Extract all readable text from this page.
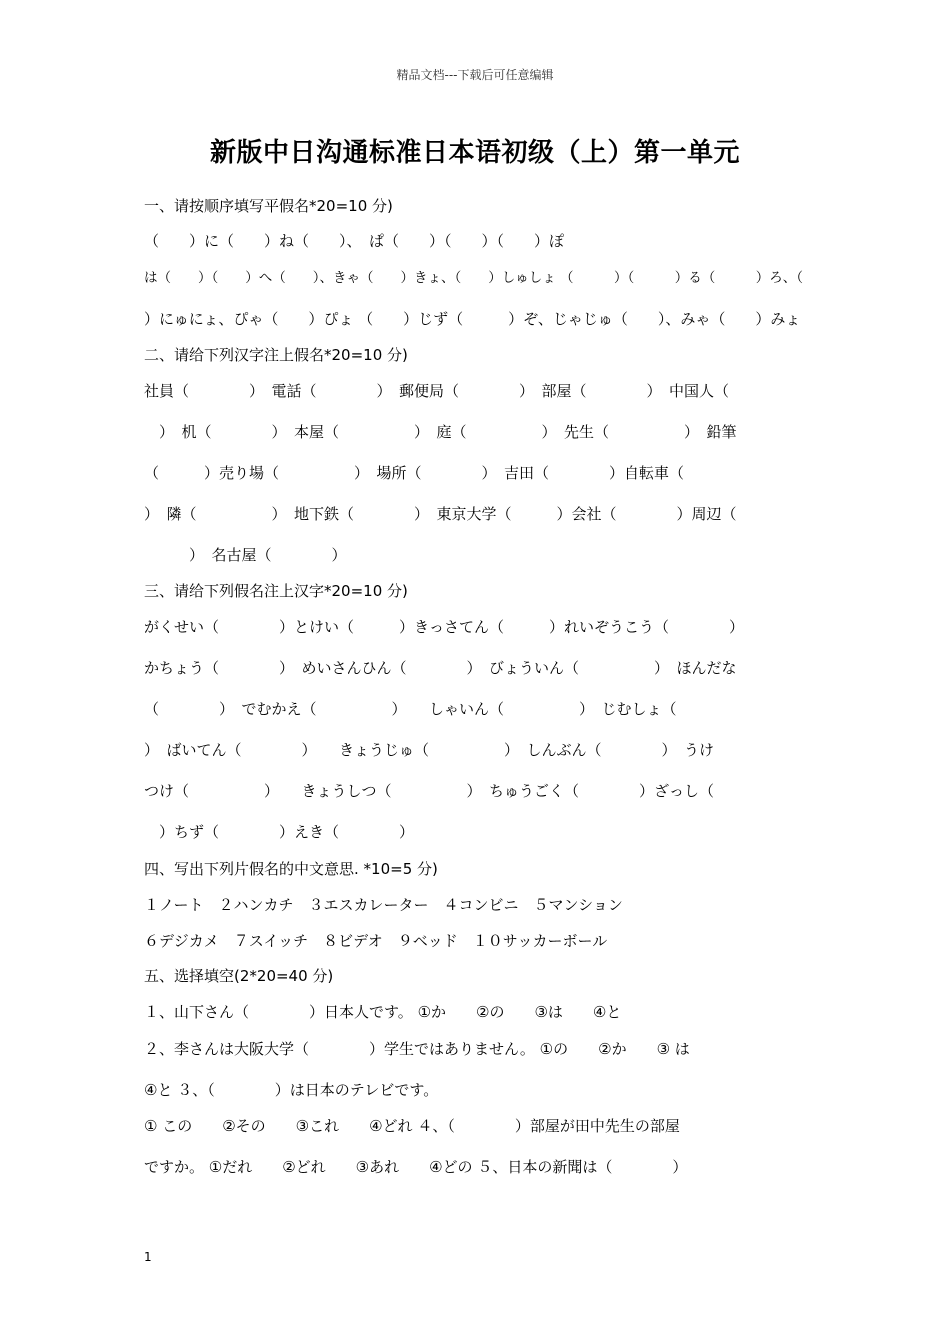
精品文档---下载后可任意编辑
新版中日沟通标准日本语初级（上）第一单元
一、请按顺序填写平假名*20=10 分)
（　　）に（　　）ね（　　）、　ぱ（　　）（　　）（　　）ぽ
は（　　）（　　）へ（　　）、きゃ（　　）きょ、（　　）しゅしょ （　　　）（　　　）る（　　　）ろ、（
）にゅにょ、ぴゃ（　　）ぴょ （　　）じず（　　　）ぞ、じゃじゅ（　　）、みゃ（　　）みょ
二、请给下列汉字注上假名*20=10 分)
社員（　　　　）　電話（　　　　）　郵便局（　　　　）　部屋（　　　　）　中国人（
　）　机（　　　　）　本屋（　　　　　）　庭（　　　　　）　先生（　　　　　）　鉛筆
（　　　）売り場（　　　　　）　場所（　　　　）　吉田（　　　　）自転車（
）　隣（　　　　　）　地下鉄（　　　　）　東京大学（　　　）会社（　　　　）周辺（
　　　）　名古屋（　　　　）
三、请给下列假名注上汉字*20=10 分)
がくせい（　　　　）とけい（　　　）きっさてん（　　　）れいぞうこう（　　　　）
かちょう（　　　　）　めいさんひん（　　　　）　びょういん（　　　　　）　ほんだな
（　　　　）　でむかえ（　　　　　）　　しゃいん（　　　　　）　じむしょ（
）　ばいてん（　　　　）　　きょうじゅ（　　　　　）　しんぶん（　　　　）　うけ
つけ（　　　　　）　　きょうしつ（　　　　　）　ちゅうごく（　　　　）ざっし（
　）ちず（　　　　）えき（　　　　）
四、写出下列片假名的中文意思. *10=5 分)
１ノート　２ハンカチ　３エスカレーター　４コンビニ　５マンション
６デジカメ　７スイッチ　８ビデオ　９ベッド　１０サッカーボール
五、选择填空(2*20=40 分)
１、山下さん（　　　　）日本人です。 ①か　　②の　　③は　　④と
２、李さんは大阪大学（　　　　）学生ではありません。 ①の　　②か　　③ は
④と ３、（　　　　）は日本のテレビです。
① この　　②その　　③これ　　④どれ ４、（　　　　）部屋が田中先生の部屋
ですか。 ①だれ　　②どれ　　③あれ　　④どの ５、日本の新聞は（　　　　）
1
